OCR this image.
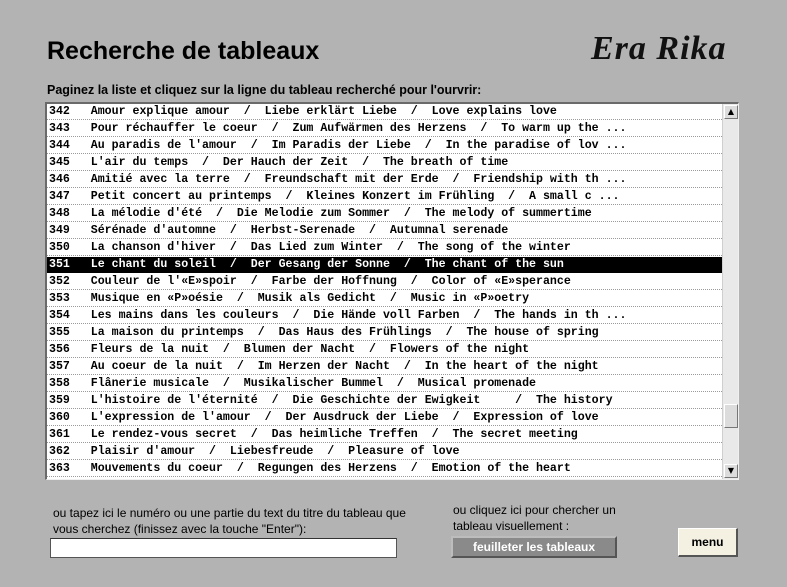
Recherche de tableaux	Era Rika
Paginez la liste et cliquez sur la ligne du tableau recherché pour l'ourvrir:
342   Amour explique amour  /  Liebe erklärt Liebe  /  Love explains love
343   Pour réchauffer le coeur  /  Zum Aufwärmen des Herzens  /  To warm up the ...
344   Au paradis de l'amour  /  Im Paradis der Liebe  /  In the paradise of lov ...
345   L'air du temps  /  Der Hauch der Zeit  /  The breath of time
346   Amitié avec la terre  /  Freundschaft mit der Erde  /  Friendship with th ...
347   Petit concert au printemps  /  Kleines Konzert im Frühling  /  A small c ...
348   La mélodie d'été  /  Die Melodie zum Sommer  /  The melody of summertime
349   Sérénade d'automne  /  Herbst-Serenade  /  Autumnal serenade
350   La chanson d'hiver  /  Das Lied zum Winter  /  The song of the winter
351   Le chant du soleil  /  Der Gesang der Sonne  /  The chant of the sun
352   Couleur de l'«E»spoir  /  Farbe der Hoffnung  /  Color of «E»sperance
353   Musique en «P»oésie  /  Musik als Gedicht  /  Music in «P»oetry
354   Les mains dans les couleurs  /  Die Hände voll Farben  /  The hands in th ...
355   La maison du printemps  /  Das Haus des Frühlings  /  The house of spring
356   Fleurs de la nuit  /  Blumen der Nacht  /  Flowers of the night
357   Au coeur de la nuit  /  Im Herzen der Nacht  /  In the heart of the night
358   Flânerie musicale  /  Musikalischer Bummel  /  Musical promenade
359   L'histoire de l'éternité  /  Die Geschichte der Ewigkeit     /  The history
360   L'expression de l'amour  /  Der Ausdruck der Liebe  /  Expression of love
361   Le rendez-vous secret  /  Das heimliche Treffen  /  The secret meeting
362   Plaisir d'amour  /  Liebesfreude  /  Pleasure of love
363   Mouvements du coeur  /  Regungen des Herzens  /  Emotion of the heart
▲
▼
ou tapez ici le numéro ou une partie du text du titre du tableau que vous cherchez (finissez avec la touche "Enter"):
ou cliquez ici pour chercher un tableau visuellement :
feuilleter les tableaux	menu
